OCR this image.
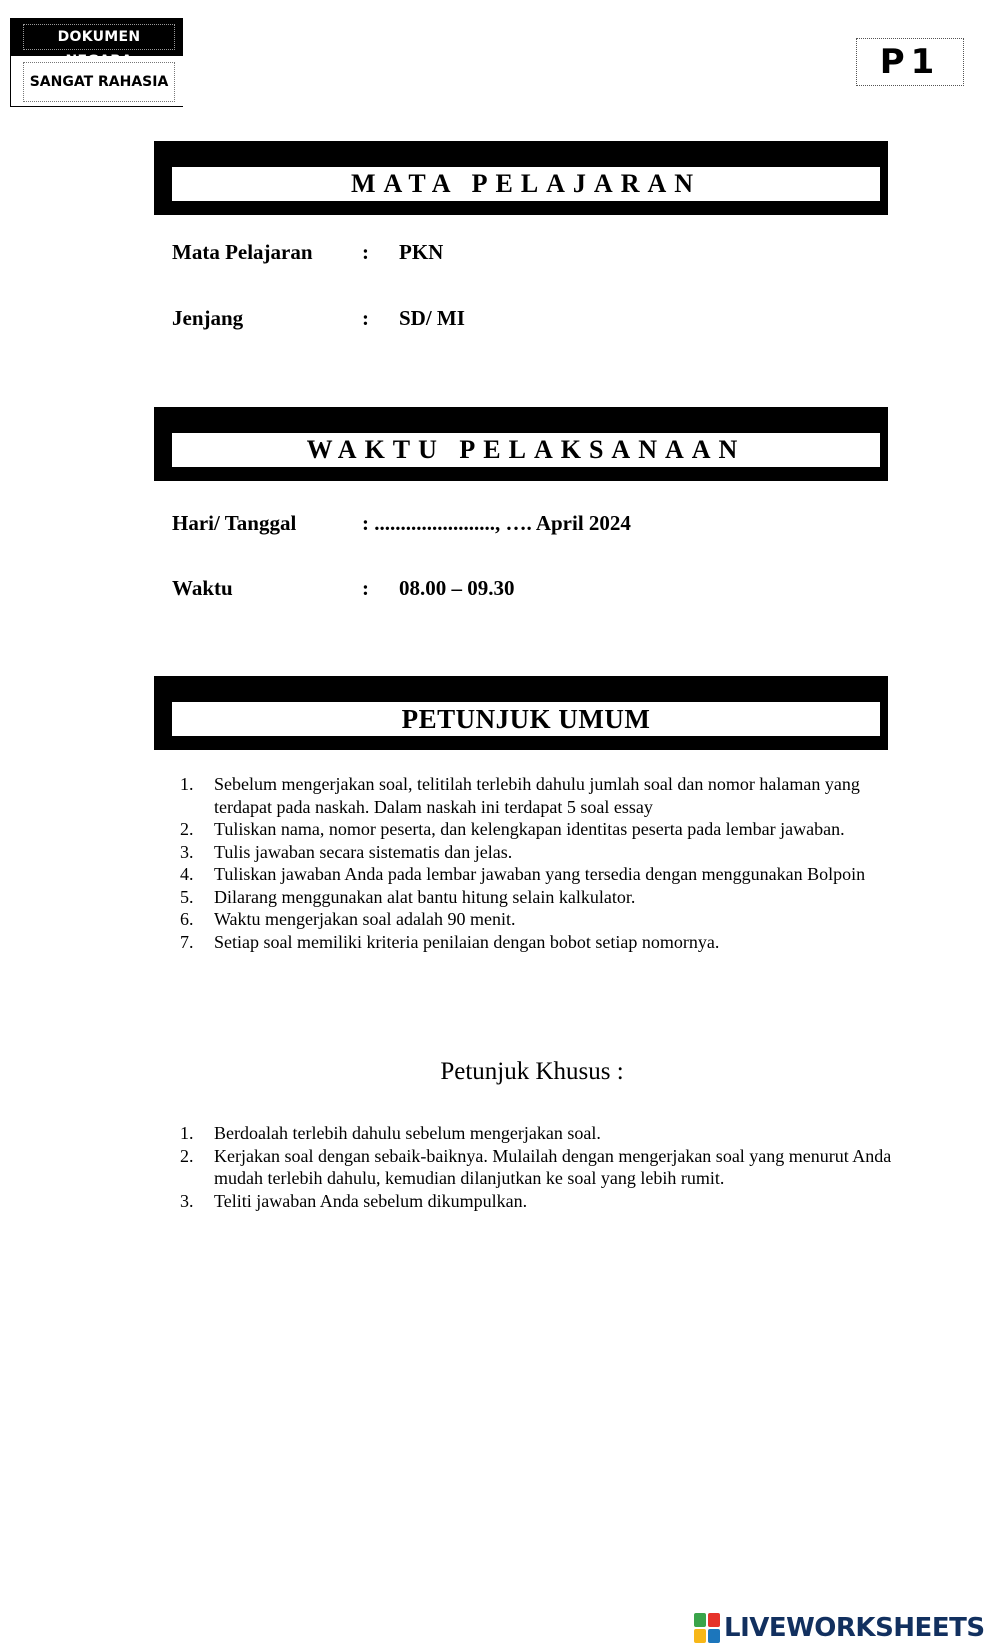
DOKUMEN NEGARA
SANGAT RAHASIA	P1
MATA PELAJARAN
Mata Pelajaran : PKN
Jenjang	: SD/ MI
WAKTU PELAKSANAAN
Hari/ Tanggal	: ......................., …. April 2024
Waktu	: 08.00 – 09.30
PETUNJUK UMUM
1. Sebelum mengerjakan soal, telitilah terlebih dahulu jumlah soal dan nomor halaman yang terdapat pada naskah. Dalam naskah ini terdapat 5 soal essay
2. Tuliskan nama, nomor peserta, dan kelengkapan identitas peserta pada lembar jawaban.
3. Tulis jawaban secara sistematis dan jelas.
4. Tuliskan jawaban Anda pada lembar jawaban yang tersedia dengan menggunakan Bolpoin
5. Dilarang menggunakan alat bantu hitung selain kalkulator.
6. Waktu mengerjakan soal adalah 90 menit.
7. Setiap soal memiliki kriteria penilaian dengan bobot setiap nomornya.
Petunjuk Khusus :
1. Berdoalah terlebih dahulu sebelum mengerjakan soal.
2. Kerjakan soal dengan sebaik-baiknya. Mulailah dengan mengerjakan soal yang menurut Anda mudah terlebih dahulu, kemudian dilanjutkan ke soal yang lebih rumit.
3. Teliti jawaban Anda sebelum dikumpulkan.
LIVEWORKSHEETS
